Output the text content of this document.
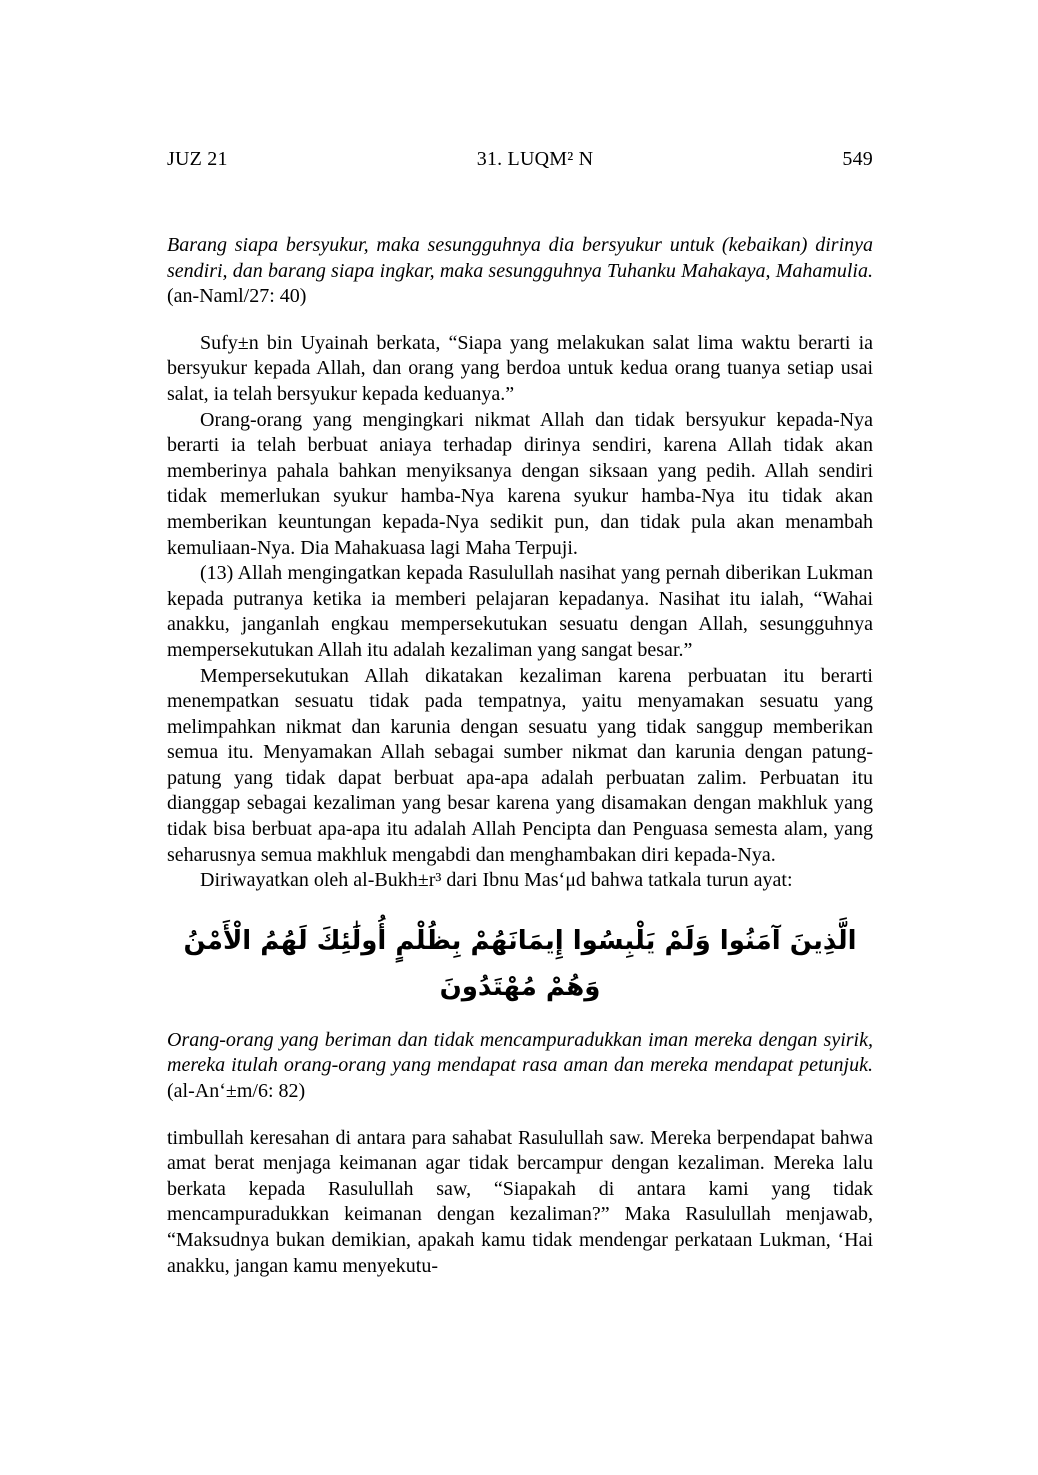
JUZ 21	31. LUQM² N	549

Barang siapa bersyukur, maka sesungguhnya dia bersyukur untuk (kebaikan) dirinya sendiri, dan barang siapa ingkar, maka sesungguhnya Tuhanku Mahakaya, Mahamulia. (an-Naml/27: 40)

Sufy±n bin Uyainah berkata, “Siapa yang melakukan salat lima waktu berarti ia bersyukur kepada Allah, dan orang yang berdoa untuk kedua orang tuanya setiap usai salat, ia telah bersyukur kepada keduanya.”

Orang-orang yang mengingkari nikmat Allah dan tidak bersyukur kepada-Nya berarti ia telah berbuat aniaya terhadap dirinya sendiri, karena Allah tidak akan memberinya pahala bahkan menyiksanya dengan siksaan yang pedih. Allah sendiri tidak memerlukan syukur hamba-Nya karena syukur hamba-Nya itu tidak akan memberikan keuntungan kepada-Nya sedikit pun, dan tidak pula akan menambah kemuliaan-Nya. Dia Mahakuasa lagi Maha Terpuji.

(13) Allah mengingatkan kepada Rasulullah nasihat yang pernah diberikan Lukman kepada putranya ketika ia memberi pelajaran kepadanya. Nasihat itu ialah, “Wahai anakku, janganlah engkau mempersekutukan sesuatu dengan Allah, sesungguhnya mempersekutukan Allah itu adalah kezaliman yang sangat besar.”

Mempersekutukan Allah dikatakan kezaliman karena perbuatan itu berarti menempatkan sesuatu tidak pada tempatnya, yaitu menyamakan sesuatu yang melimpahkan nikmat dan karunia dengan sesuatu yang tidak sanggup memberikan semua itu. Menyamakan Allah sebagai sumber nikmat dan karunia dengan patung-patung yang tidak dapat berbuat apa-apa adalah perbuatan zalim. Perbuatan itu dianggap sebagai kezaliman yang besar karena yang disamakan dengan makhluk yang tidak bisa berbuat apa-apa itu adalah Allah Pencipta dan Penguasa semesta alam, yang seharusnya semua makhluk mengabdi dan menghambakan diri kepada-Nya.

Diriwayatkan oleh al-Bukh±r³ dari Ibnu Mas‘μd bahwa tatkala turun ayat:

الَّذِينَ آمَنُوا وَلَمْ يَلْبِسُوا إِيمَانَهُمْ بِظُلْمٍ أُولَٰئِكَ لَهُمُ الْأَمْنُ وَهُمْ مُهْتَدُونَ

Orang-orang yang beriman dan tidak mencampuradukkan iman mereka dengan syirik, mereka itulah orang-orang yang mendapat rasa aman dan mereka mendapat petunjuk. (al-An‘±m/6: 82)

timbullah keresahan di antara para sahabat Rasulullah saw. Mereka berpendapat bahwa amat berat menjaga keimanan agar tidak bercampur dengan kezaliman. Mereka lalu berkata kepada Rasulullah saw, “Siapakah di antara kami yang tidak mencampuradukkan keimanan dengan kezaliman?” Maka Rasulullah menjawab, “Maksudnya bukan demikian, apakah kamu tidak mendengar perkataan Lukman, ‘Hai anakku, jangan kamu menyekutu-
